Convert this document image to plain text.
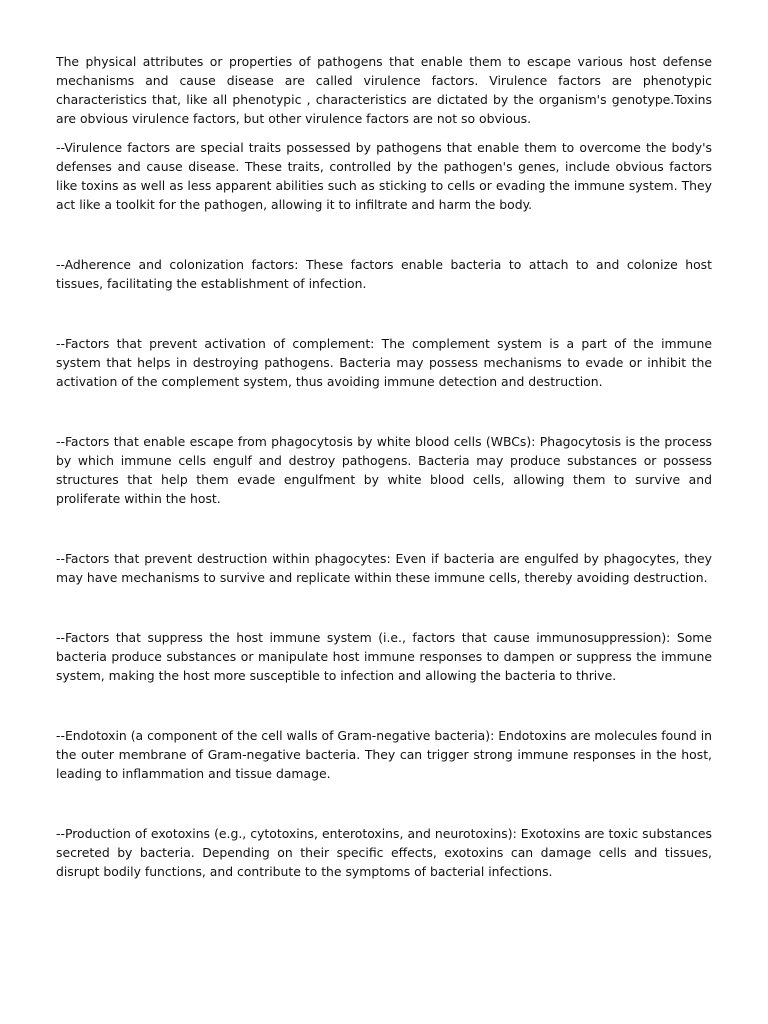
The physical attributes or properties of pathogens that enable them to escape various host defense mechanisms and cause disease are called virulence factors. Virulence factors are phenotypic characteristics that, like all phenotypic , characteristics are dictated by the organism's genotype.Toxins are obvious virulence factors, but other virulence factors are not so obvious.

--Virulence factors are special traits possessed by pathogens that enable them to overcome the body's defenses and cause disease. These traits, controlled by the pathogen's genes, include obvious factors like toxins as well as less apparent abilities such as sticking to cells or evading the immune system. They act like a toolkit for the pathogen, allowing it to infiltrate and harm the body.

--Adherence and colonization factors: These factors enable bacteria to attach to and colonize host tissues, facilitating the establishment of infection.

--Factors that prevent activation of complement: The complement system is a part of the immune system that helps in destroying pathogens. Bacteria may possess mechanisms to evade or inhibit the activation of the complement system, thus avoiding immune detection and destruction.

--Factors that enable escape from phagocytosis by white blood cells (WBCs): Phagocytosis is the process by which immune cells engulf and destroy pathogens. Bacteria may produce substances or possess structures that help them evade engulfment by white blood cells, allowing them to survive and proliferate within the host.

--Factors that prevent destruction within phagocytes: Even if bacteria are engulfed by phagocytes, they may have mechanisms to survive and replicate within these immune cells, thereby avoiding destruction.

--Factors that suppress the host immune system (i.e., factors that cause immunosuppression): Some bacteria produce substances or manipulate host immune responses to dampen or suppress the immune system, making the host more susceptible to infection and allowing the bacteria to thrive.

--Endotoxin (a component of the cell walls of Gram-negative bacteria): Endotoxins are molecules found in the outer membrane of Gram-negative bacteria. They can trigger strong immune responses in the host, leading to inflammation and tissue damage.

--Production of exotoxins (e.g., cytotoxins, enterotoxins, and neurotoxins): Exotoxins are toxic substances secreted by bacteria. Depending on their specific effects, exotoxins can damage cells and tissues, disrupt bodily functions, and contribute to the symptoms of bacterial infections.
